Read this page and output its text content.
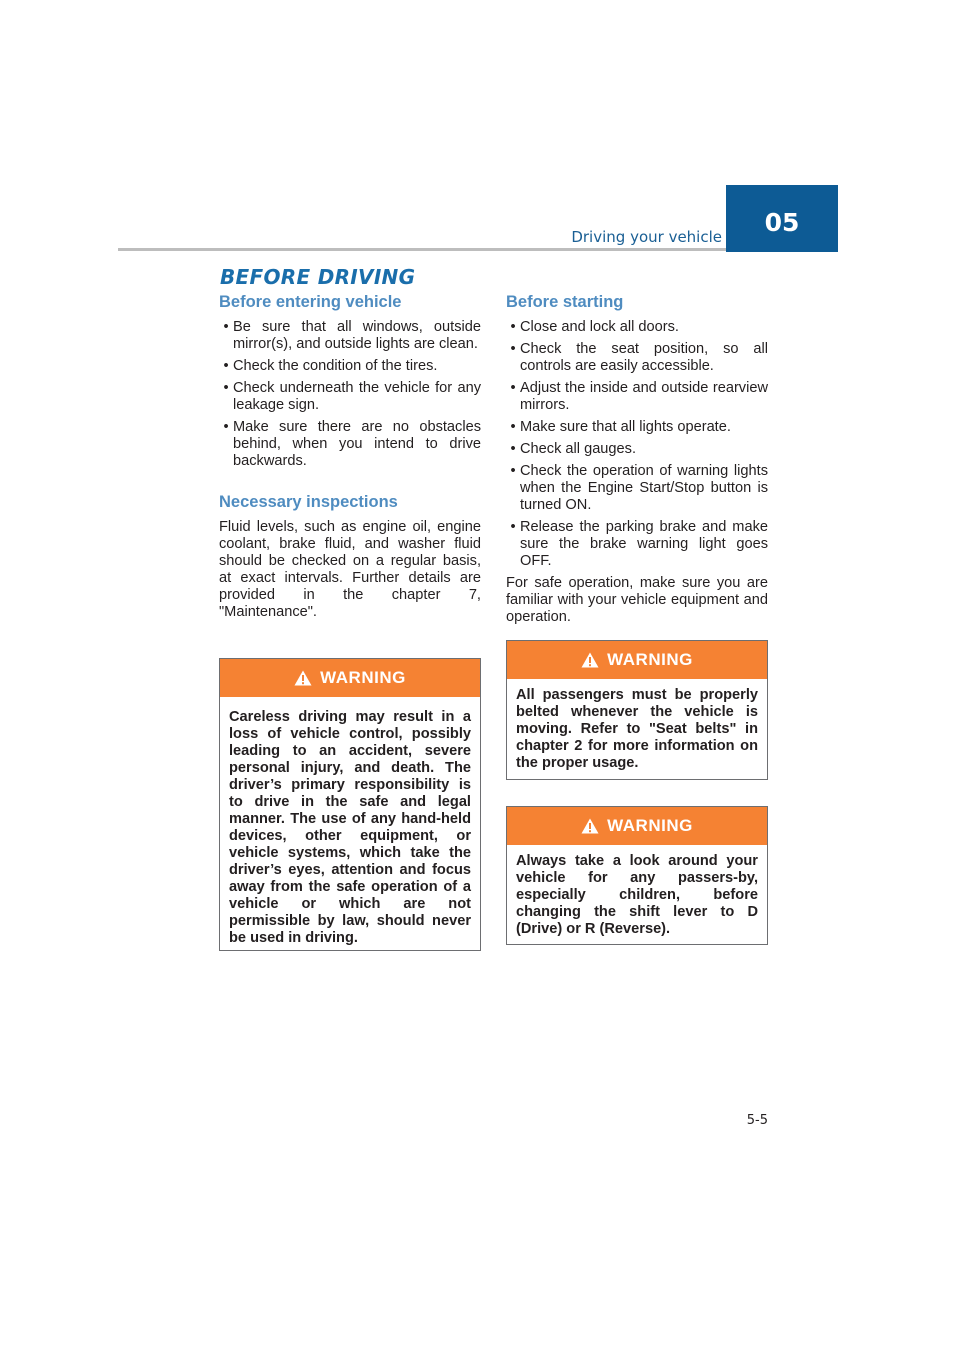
Driving your vehicle	05
BEFORE DRIVING
Before entering vehicle
• Be sure that all windows, outside mirror(s), and outside lights are clean.
• Check the condition of the tires.
• Check underneath the vehicle for any leakage sign.
• Make sure there are no obstacles behind, when you intend to drive backwards.
Necessary inspections

Fluid levels, such as engine oil, engine coolant, brake fluid, and washer fluid should be checked on a regular basis, at exact intervals. Further details are provided in the chapter 7, "Maintenance".

Before starting
• Close and lock all doors.
• Check the seat position, so all controls are easily accessible.
• Adjust the inside and outside rearview mirrors.
• Make sure that all lights operate.
• Check all gauges.
• Check the operation of warning lights when the Engine Start/Stop button is turned ON.
• Release the parking brake and make sure the brake warning light goes OFF.

For safe operation, make sure you are familiar with your vehicle equipment and operation.

WARNING
Careless driving may result in a loss of vehicle control, possibly leading to an accident, severe personal injury, and death. The driver’s primary responsibility is to drive in the safe and legal manner. The use of any hand-held devices, other equipment, or vehicle systems, which take the driver’s eyes, attention and focus away from the safe operation of a vehicle or which are not permissible by law, should never be used in driving.
WARNING
All passengers must be properly belted whenever the vehicle is moving. Refer to "Seat belts" in chapter 2 for more information on the proper usage.
WARNING
Always take a look around your vehicle for any passers-by, especially children, before changing the shift lever to D (Drive) or R (Reverse).
5-5
